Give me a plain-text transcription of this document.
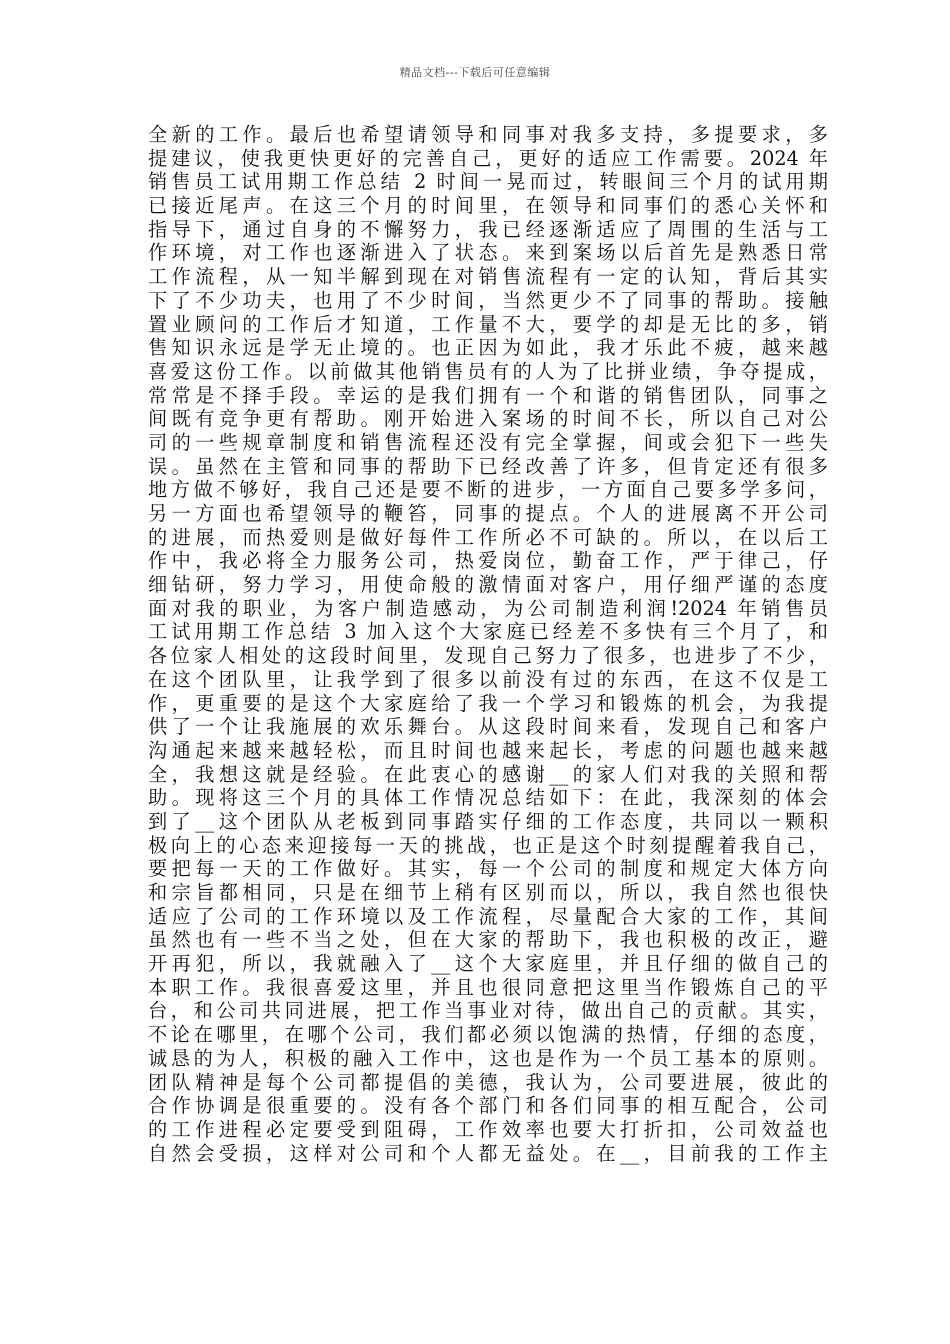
精品文档---下载后可任意编辑
全新的工作。最后也希望请领导和同事对我多支持，多提要求，多
提建议，使我更快更好的完善自己，更好的适应工作需要。2024 年
销售员工试用期工作总结 2 时间一晃而过，转眼间三个月的试用期
已接近尾声。在这三个月的时间里，在领导和同事们的悉心关怀和
指导下，通过自身的不懈努力，我已经逐渐适应了周围的生活与工
作环境，对工作也逐渐进入了状态。来到案场以后首先是熟悉日常
工作流程，从一知半解到现在对销售流程有一定的认知，背后其实
下了不少功夫，也用了不少时间，当然更少不了同事的帮助。接触
置业顾问的工作后才知道，工作量不大，要学的却是无比的多，销
售知识永远是学无止境的。也正因为如此，我才乐此不疲，越来越
喜爱这份工作。以前做其他销售员有的人为了比拼业绩，争夺提成，
常常是不择手段。幸运的是我们拥有一个和谐的销售团队，同事之
间既有竞争更有帮助。刚开始进入案场的时间不长，所以自己对公
司的一些规章制度和销售流程还没有完全掌握，间或会犯下一些失
误。虽然在主管和同事的帮助下已经改善了许多，但肯定还有很多
地方做不够好，我自己还是要不断的进步，一方面自己要多学多问，
另一方面也希望领导的鞭笞，同事的提点。个人的进展离不开公司
的进展，而热爱则是做好每件工作所必不可缺的。所以，在以后工
作中，我必将全力服务公司，热爱岗位，勤奋工作，严于律己，仔
细钻研，努力学习，用使命般的激情面对客户，用仔细严谨的态度
面对我的职业，为客户制造感动，为公司制造利润!2024 年销售员
工试用期工作总结 3 加入这个大家庭已经差不多快有三个月了，和
各位家人相处的这段时间里，发现自己努力了很多，也进步了不少，
在这个团队里，让我学到了很多以前没有过的东西，在这不仅是工
作，更重要的是这个大家庭给了我一个学习和锻炼的机会，为我提
供了一个让我施展的欢乐舞台。从这段时间来看，发现自己和客户
沟通起来越来越轻松，而且时间也越来起长，考虑的问题也越来越
全，我想这就是经验。在此衷心的感谢__的家人们对我的关照和帮
助。现将这三个月的具体工作情况总结如下：在此，我深刻的体会
到了__这个团队从老板到同事踏实仔细的工作态度，共同以一颗积
极向上的心态来迎接每一天的挑战，也正是这个时刻提醒着我自己，
要把每一天的工作做好。其实，每一个公司的制度和规定大体方向
和宗旨都相同，只是在细节上稍有区别而以，所以，我自然也很快
适应了公司的工作环境以及工作流程，尽量配合大家的工作，其间
虽然也有一些不当之处，但在大家的帮助下，我也积极的改正，避
开再犯，所以，我就融入了__这个大家庭里，并且仔细的做自己的
本职工作。我很喜爱这里，并且也很同意把这里当作锻炼自己的平
台，和公司共同进展，把工作当事业对待，做出自己的贡献。其实，
不论在哪里，在哪个公司，我们都必须以饱满的热情，仔细的态度，
诚恳的为人，积极的融入工作中，这也是作为一个员工基本的原则。
团队精神是每个公司都提倡的美德，我认为，公司要进展，彼此的
合作协调是很重要的。没有各个部门和各们同事的相互配合，公司
的工作进程必定要受到阻碍，工作效率也要大打折扣，公司效益也
自然会受损，这样对公司和个人都无益处。在__，目前我的工作主
